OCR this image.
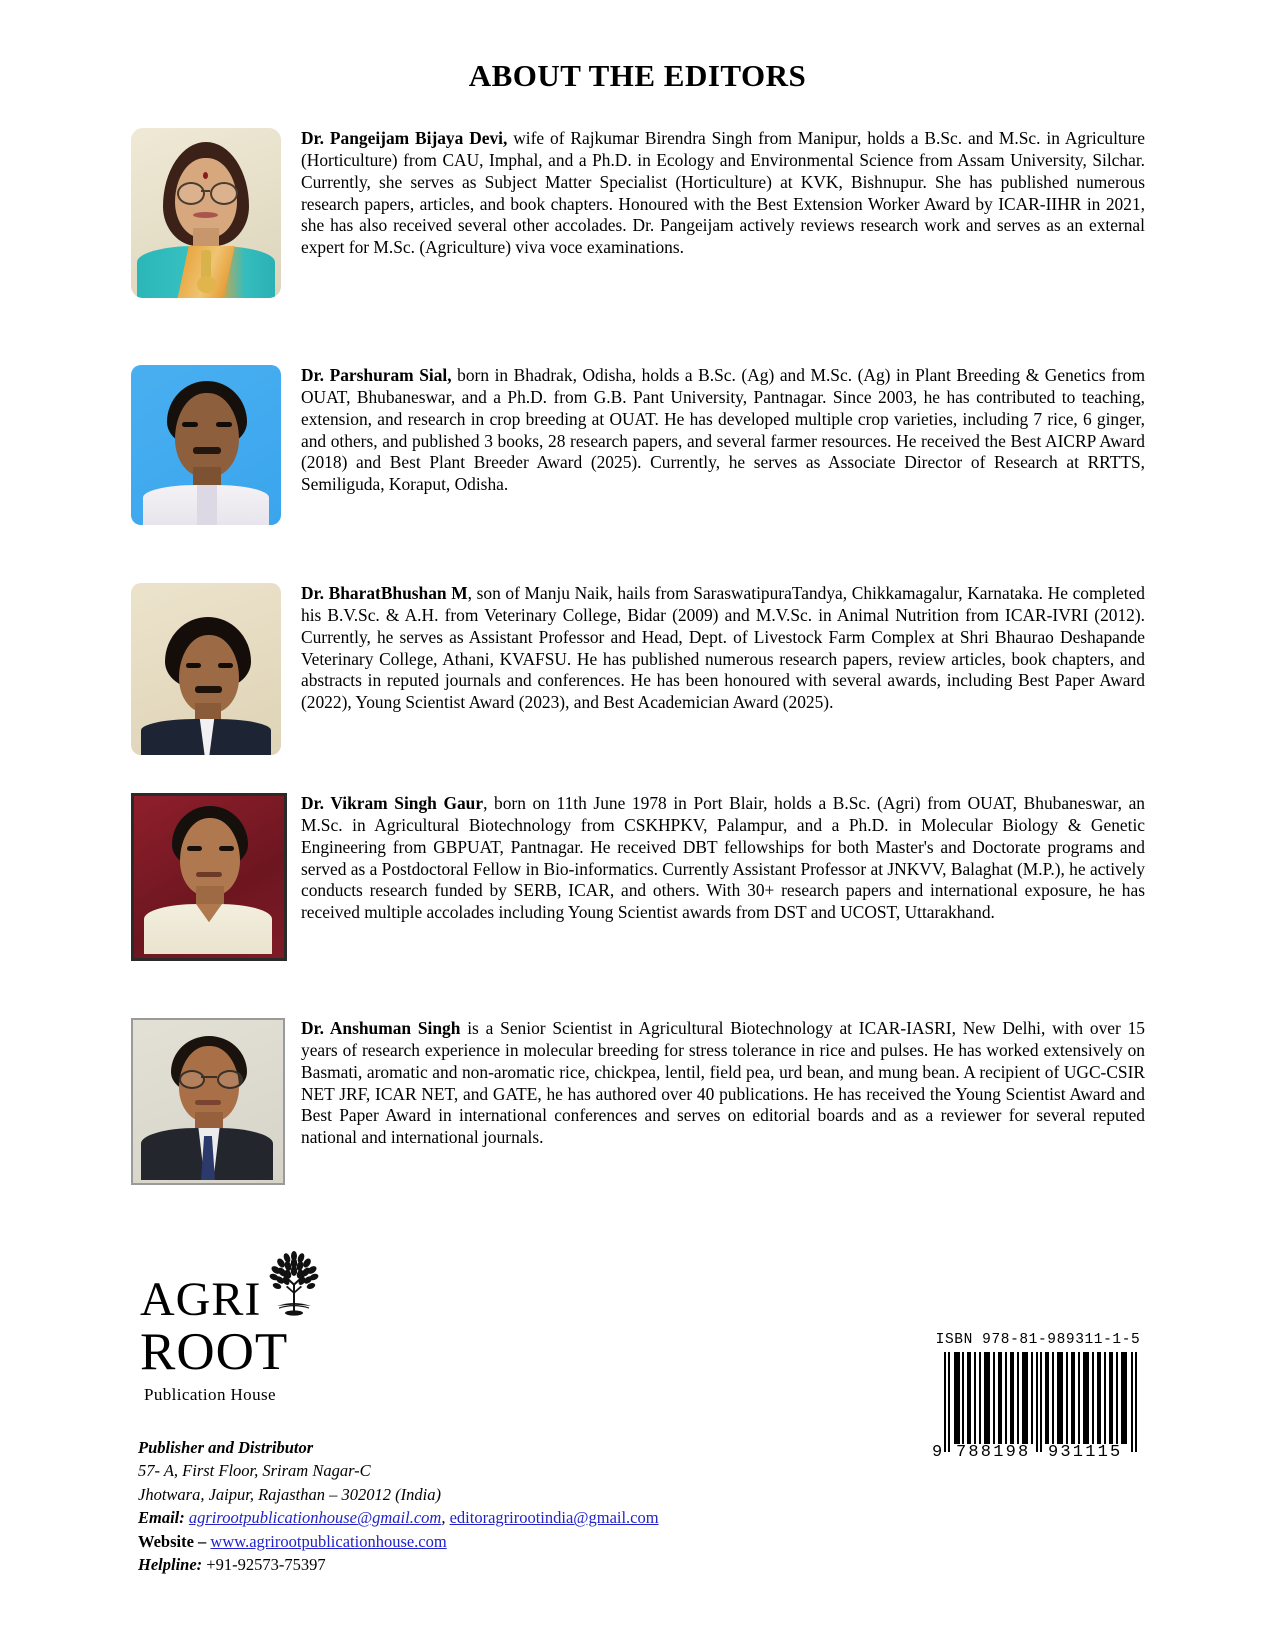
ABOUT THE EDITORS
Dr. Pangeijam Bijaya Devi, wife of Rajkumar Birendra Singh from Manipur, holds a B.Sc. and M.Sc. in Agriculture (Horticulture) from CAU, Imphal, and a Ph.D. in Ecology and Environmental Science from Assam University, Silchar. Currently, she serves as Subject Matter Specialist (Horticulture) at KVK, Bishnupur. She has published numerous research papers, articles, and book chapters. Honoured with the Best Extension Worker Award by ICAR-IIHR in 2021, she has also received several other accolades. Dr. Pangeijam actively reviews research work and serves as an external expert for M.Sc. (Agriculture) viva voce examinations.
Dr. Parshuram Sial, born in Bhadrak, Odisha, holds a B.Sc. (Ag) and M.Sc. (Ag) in Plant Breeding & Genetics from OUAT, Bhubaneswar, and a Ph.D. from G.B. Pant University, Pantnagar. Since 2003, he has contributed to teaching, extension, and research in crop breeding at OUAT. He has developed multiple crop varieties, including 7 rice, 6 ginger, and others, and published 3 books, 28 research papers, and several farmer resources. He received the Best AICRP Award (2018) and Best Plant Breeder Award (2025). Currently, he serves as Associate Director of Research at RRTTS, Semiliguda, Koraput, Odisha.
Dr. BharatBhushan M, son of Manju Naik, hails from SaraswatipuraTandya, Chikkamagalur, Karnataka. He completed his B.V.Sc. & A.H. from Veterinary College, Bidar (2009) and M.V.Sc. in Animal Nutrition from ICAR-IVRI (2012). Currently, he serves as Assistant Professor and Head, Dept. of Livestock Farm Complex at Shri Bhaurao Deshapande Veterinary College, Athani, KVAFSU. He has published numerous research papers, review articles, book chapters, and abstracts in reputed journals and conferences. He has been honoured with several awards, including Best Paper Award (2022), Young Scientist Award (2023), and Best Academician Award (2025).
Dr. Vikram Singh Gaur, born on 11th June 1978 in Port Blair, holds a B.Sc. (Agri) from OUAT, Bhubaneswar, an M.Sc. in Agricultural Biotechnology from CSKHPKV, Palampur, and a Ph.D. in Molecular Biology & Genetic Engineering from GBPUAT, Pantnagar. He received DBT fellowships for both Master's and Doctorate programs and served as a Postdoctoral Fellow in Bio-informatics. Currently Assistant Professor at JNKVV, Balaghat (M.P.), he actively conducts research funded by SERB, ICAR, and others. With 30+ research papers and international exposure, he has received multiple accolades including Young Scientist awards from DST and UCOST, Uttarakhand.
Dr. Anshuman Singh is a Senior Scientist in Agricultural Biotechnology at ICAR-IASRI, New Delhi, with over 15 years of research experience in molecular breeding for stress tolerance in rice and pulses. He has worked extensively on Basmati, aromatic and non-aromatic rice, chickpea, lentil, field pea, urd bean, and mung bean. A recipient of UGC-CSIR NET JRF, ICAR NET, and GATE, he has authored over 40 publications. He has received the Young Scientist Award and Best Paper Award in international conferences and serves on editorial boards and as a reviewer for several reputed national and international journals.
AGRI
ROOT
Publication House
Publisher and Distributor
57- A, First Floor, Sriram Nagar-C
Jhotwara, Jaipur, Rajasthan – 302012 (India)
Email: agrirootpublicationhouse@gmail.com, editoragrirootindia@gmail.com
Website – www.agrirootpublicationhouse.com
Helpline: +91-92573-75397
ISBN 978-81-989311-1-5
9 788198 931115
